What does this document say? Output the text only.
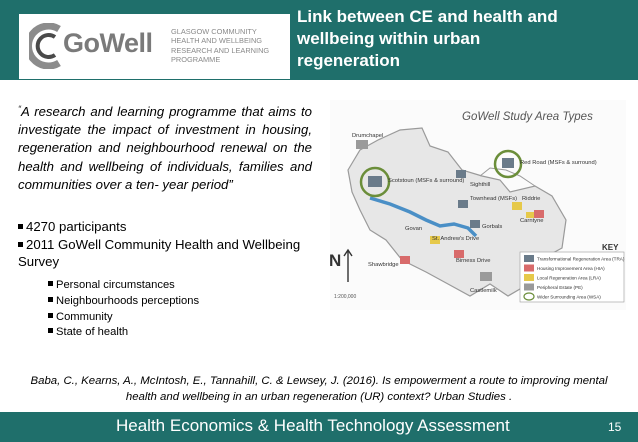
GoWell GLASGOW COMMUNITY
HEALTH AND WELLBEING
RESEARCH AND LEARNING
PROGRAMME
Link between CE and health and
wellbeing within urban
regeneration
“A research and learning programme that aims to investigate the impact of investment in housing, regeneration and neighbourhood renewal on the health and wellbeing of individuals, families and communities over a ten- year period”
4270 participants
2011 GoWell Community Health and Wellbeing Survey
Personal circumstances
Neighbourhoods perceptions
Community
State of health
GoWell Study Area Types
Drumchapel
Scotstoun (MSFs & surround)
Sighthill
Red Road (MSFs & surround)
Riddrie
Townhead (MSFs)
Carntyne
Govan	Gorbals
St. Andrew's Drive
Shawbridge
Birness Drive
Castlemilk
N
1:200,000
KEY
Transformational Regeneration Area (TRA)
Housing Improvement Area (HIA)
Local Regeneration Area (LRA)
Peripheral Estate (PE)
Wider Surrounding Area (WSA)
Baba, C., Kearns, A., McIntosh, E., Tannahill, C. & Lewsey, J. (2016). Is empowerment a route to improving mental health and wellbeing in an urban regeneration (UR) context? Urban Studies .
Health Economics & Health Technology Assessment	15
